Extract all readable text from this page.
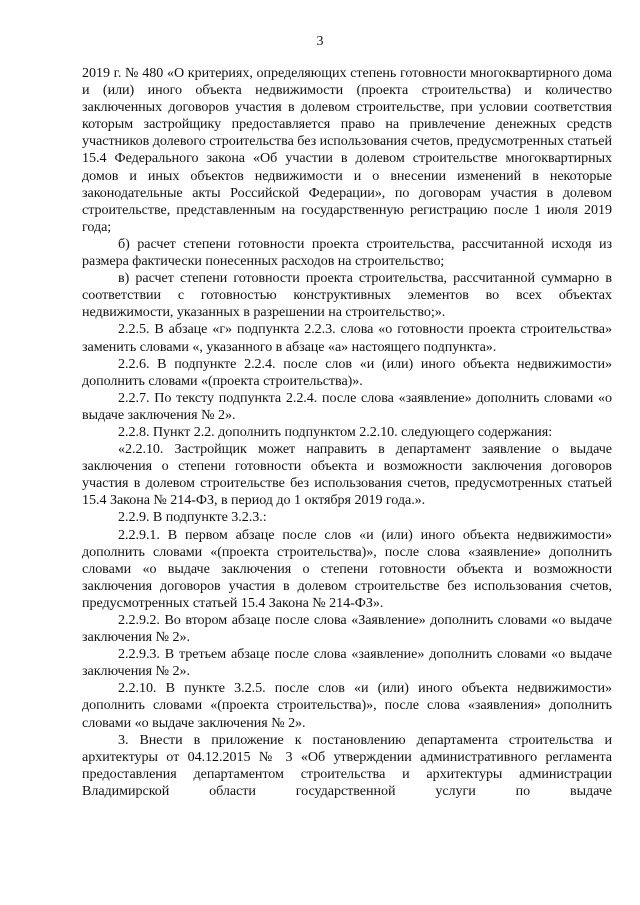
3

2019 г. № 480 «О критериях, определяющих степень готовности многоквартирного дома и (или) иного объекта недвижимости (проекта строительства) и количество заключенных договоров участия в долевом строительстве, при условии соответствия которым застройщику предоставляется право на привлечение денежных средств участников долевого строительства без использования счетов, предусмотренных статьей 15.4 Федерального закона «Об участии в долевом строительстве многоквартирных домов и иных объектов недвижимости и о внесении изменений в некоторые законодательные акты Российской Федерации», по договорам участия в долевом строительстве, представленным на государственную регистрацию после 1 июля 2019 года;

б) расчет степени готовности проекта строительства, рассчитанной исходя из размера фактически понесенных расходов на строительство;

в) расчет степени готовности проекта строительства, рассчитанной суммарно в соответствии с готовностью конструктивных элементов во всех объектах недвижимости, указанных в разрешении на строительство;».

2.2.5. В абзаце «г» подпункта 2.2.3. слова «о готовности проекта строительства» заменить словами «, указанного в абзаце «а» настоящего подпункта».

2.2.6. В подпункте 2.2.4. после слов «и (или) иного объекта недвижимости» дополнить словами «(проекта строительства)».

2.2.7. По тексту подпункта 2.2.4. после слова «заявление» дополнить словами «о выдаче заключения № 2».

2.2.8. Пункт 2.2. дополнить подпунктом 2.2.10. следующего содержания:

«2.2.10. Застройщик может направить в департамент заявление о выдаче заключения о степени готовности объекта и возможности заключения договоров участия в долевом строительстве без использования счетов, предусмотренных статьей 15.4 Закона № 214-ФЗ, в период до 1 октября 2019 года.».

2.2.9. В подпункте 3.2.3.:

2.2.9.1. В первом абзаце после слов «и (или) иного объекта недвижимости» дополнить словами «(проекта строительства)», после слова «заявление» дополнить словами «о выдаче заключения о степени готовности объекта и возможности заключения договоров участия в долевом строительстве без использования счетов, предусмотренных статьей 15.4 Закона № 214-ФЗ».

2.2.9.2. Во втором абзаце после слова «Заявление» дополнить словами «о выдаче заключения № 2».

2.2.9.3. В третьем абзаце после слова «заявление» дополнить словами «о выдаче заключения № 2».

2.2.10. В пункте 3.2.5. после слов «и (или) иного объекта недвижимости» дополнить словами «(проекта строительства)», после слова «заявления» дополнить словами «о выдаче заключения № 2».

3. Внести в приложение к постановлению департамента строительства и архитектуры от 04.12.2015 № 3 «Об утверждении административного регламента предоставления департаментом строительства и архитектуры администрации Владимирской области государственной услуги по выдаче
